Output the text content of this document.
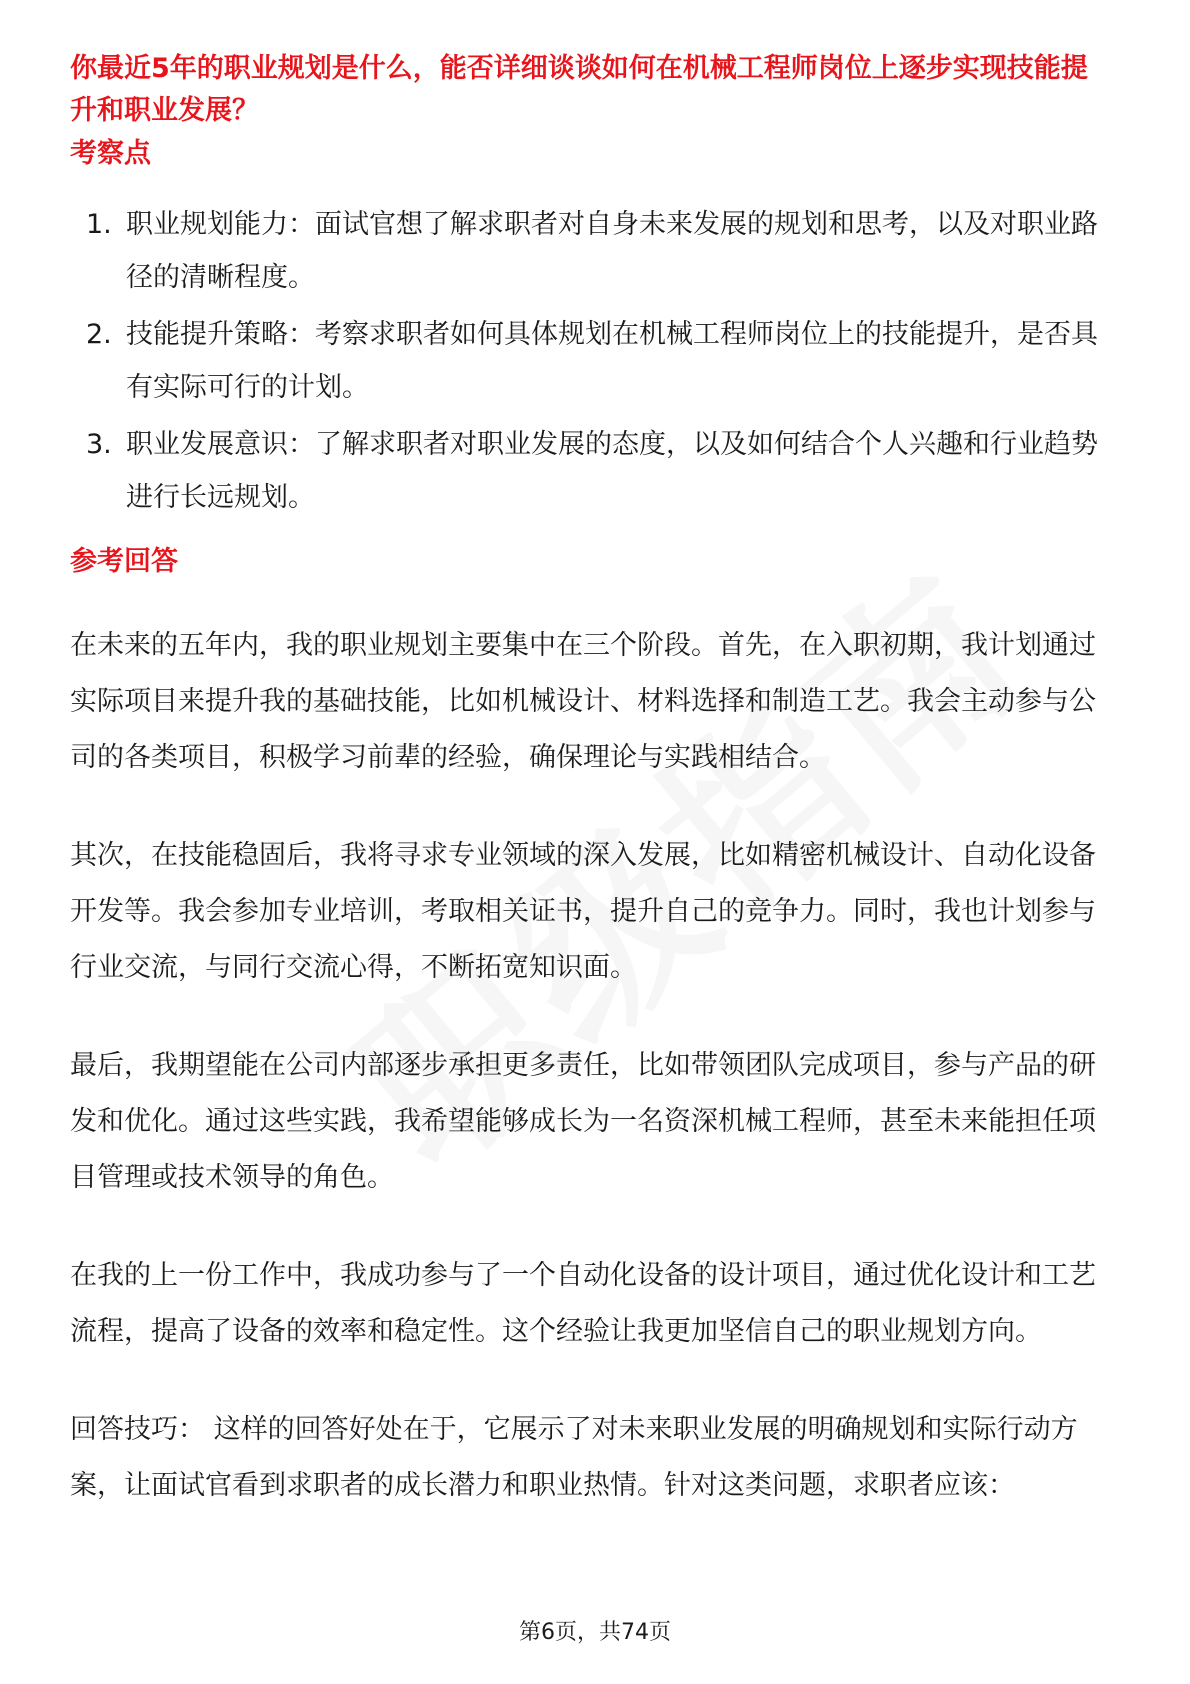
你最近5年的职业规划是什么，能否详细谈谈如何在机械工程师岗位上逐步实现技能提升和职业发展？
考察点
1. 职业规划能力：面试官想了解求职者对自身未来发展的规划和思考，以及对职业路径的清晰程度。
2. 技能提升策略：考察求职者如何具体规划在机械工程师岗位上的技能提升，是否具有实际可行的计划。
3. 职业发展意识：了解求职者对职业发展的态度，以及如何结合个人兴趣和行业趋势进行长远规划。
参考回答

在未来的五年内，我的职业规划主要集中在三个阶段。首先，在入职初期，我计划通过实际项目来提升我的基础技能，比如机械设计、材料选择和制造工艺。我会主动参与公司的各类项目，积极学习前辈的经验，确保理论与实践相结合。

其次，在技能稳固后，我将寻求专业领域的深入发展，比如精密机械设计、自动化设备开发等。我会参加专业培训，考取相关证书，提升自己的竞争力。同时，我也计划参与行业交流，与同行交流心得，不断拓宽知识面。

最后，我期望能在公司内部逐步承担更多责任，比如带领团队完成项目，参与产品的研发和优化。通过这些实践，我希望能够成长为一名资深机械工程师，甚至未来能担任项目管理或技术领导的角色。

在我的上一份工作中，我成功参与了一个自动化设备的设计项目，通过优化设计和工艺流程，提高了设备的效率和稳定性。这个经验让我更加坚信自己的职业规划方向。

回答技巧： 这样的回答好处在于，它展示了对未来职业发展的明确规划和实际行动方案，让面试官看到求职者的成长潜力和职业热情。针对这类问题，求职者应该：

第6页，共74页
